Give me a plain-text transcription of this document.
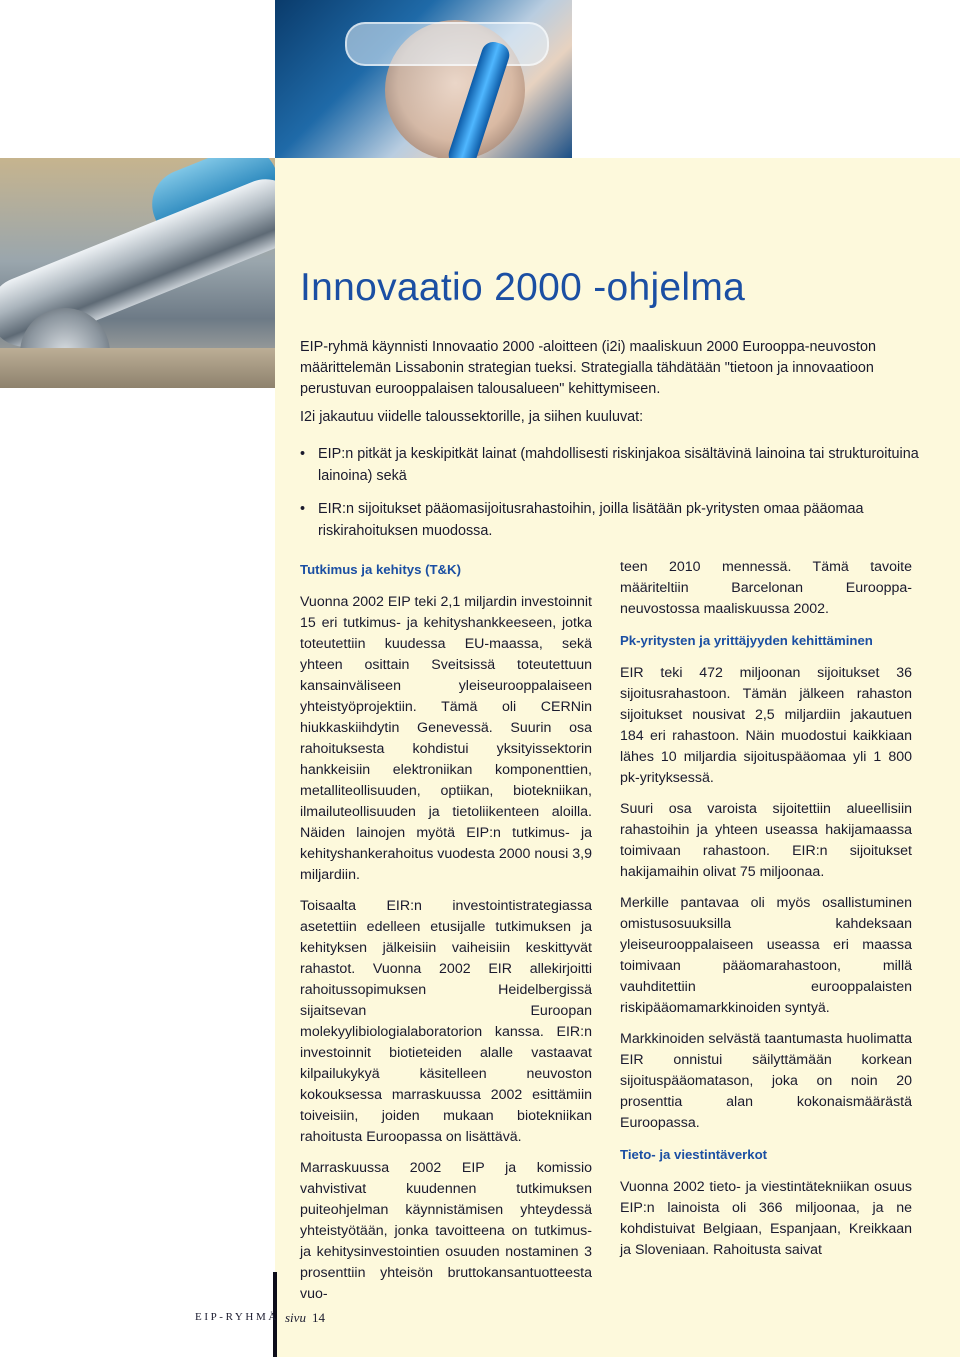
Innovaatio 2000 -ohjelma

EIP-ryhmä käynnisti Innovaatio 2000 -aloitteen (i2i) maaliskuun 2000 Eurooppa-neuvoston määrittelemän Lissabonin strategian tueksi. Strategialla tähdätään "tietoon ja innovaatioon perustuvan eurooppalaisen talousalueen" kehittymiseen.

I2i jakautuu viidelle taloussektorille, ja siihen kuuluvat:

• EIP:n pitkät ja keskipitkät lainat (mahdollisesti riskinjakoa sisältävinä lainoina tai strukturoituina lainoina) sekä
• EIR:n sijoitukset pääomasijoitusrahastoihin, joilla lisätään pk-yritysten omaa pääomaa riskirahoituksen muodossa.
Tutkimus ja kehitys (T&K)

Vuonna 2002 EIP teki 2,1 miljardin investoinnit 15 eri tutkimus- ja kehityshankkeeseen, jotka toteutettiin kuudessa EU-maassa, sekä yhteen osittain Sveitsissä toteutettuun kansainväliseen yleiseurooppalaiseen yhteistyöprojektiin. Tämä oli CERNin hiukkaskiihdytin Genevessä. Suurin osa rahoituksesta kohdistui yksityissektorin hankkeisiin elektroniikan komponenttien, metalliteollisuuden, optiikan, biotekniikan, ilmailuteollisuuden ja tietoliikenteen aloilla. Näiden lainojen myötä EIP:n tutkimus- ja kehityshankerahoitus vuodesta 2000 nousi 3,9 miljardiin.

Toisaalta EIR:n investointistrategiassa asetettiin edelleen etusijalle tutkimuksen ja kehityksen jälkeisiin vaiheisiin keskittyvät rahastot. Vuonna 2002 EIR allekirjoitti rahoitussopimuksen Heidelbergissä sijaitsevan Euroopan molekyylibiologialaboratorion kanssa. EIR:n investoinnit biotieteiden alalle vastaavat kilpailukykyä käsitelleen neuvoston kokouksessa marraskuussa 2002 esittämiin toiveisiin, joiden mukaan biotekniikan rahoitusta Euroopassa on lisättävä.

Marraskuussa 2002 EIP ja komissio vahvistivat kuudennen tutkimuksen puiteohjelman käynnistämisen yhteydessä yhteistyötään, jonka tavoitteena on tutkimus- ja kehitysinvestointien osuuden nostaminen 3 prosenttiin yhteisön bruttokansantuotteesta vuo-

teen 2010 mennessä. Tämä tavoite määriteltiin Barcelonan Eurooppa-neuvostossa maaliskuussa 2002.

Pk-yritysten ja yrittäjyyden kehittäminen

EIR teki 472 miljoonan sijoitukset 36 sijoitusrahastoon. Tämän jälkeen rahaston sijoitukset nousivat 2,5 miljardiin jakautuen 184 eri rahastoon. Näin muodostui kaikkiaan lähes 10 miljardia sijoituspääomaa yli 1 800 pk-yrityksessä.

Suuri osa varoista sijoitettiin alueellisiin rahastoihin ja yhteen useassa hakijamaassa toimivaan rahastoon. EIR:n sijoitukset hakijamaihin olivat 75 miljoonaa.

Merkille pantavaa oli myös osallistuminen omistusosuuksilla kahdeksaan yleiseurooppalaiseen useassa eri maassa toimivaan pääomarahastoon, millä vauhditettiin eurooppalaisten riskipääomamarkkinoiden syntyä.

Markkinoiden selvästä taantumasta huolimatta EIR onnistui säilyttämään korkean sijoituspääomatason, joka on noin 20 prosenttia alan kokonaismäärästä Euroopassa.

Tieto- ja viestintäverkot

Vuonna 2002 tieto- ja viestintätekniikan osuus EIP:n lainoista oli 366 miljoonaa, ja ne kohdistuivat Belgiaan, Espanjaan, Kreikkaan ja Sloveniaan. Rahoitusta saivat

EIP-RYHMÄ sivu 14
